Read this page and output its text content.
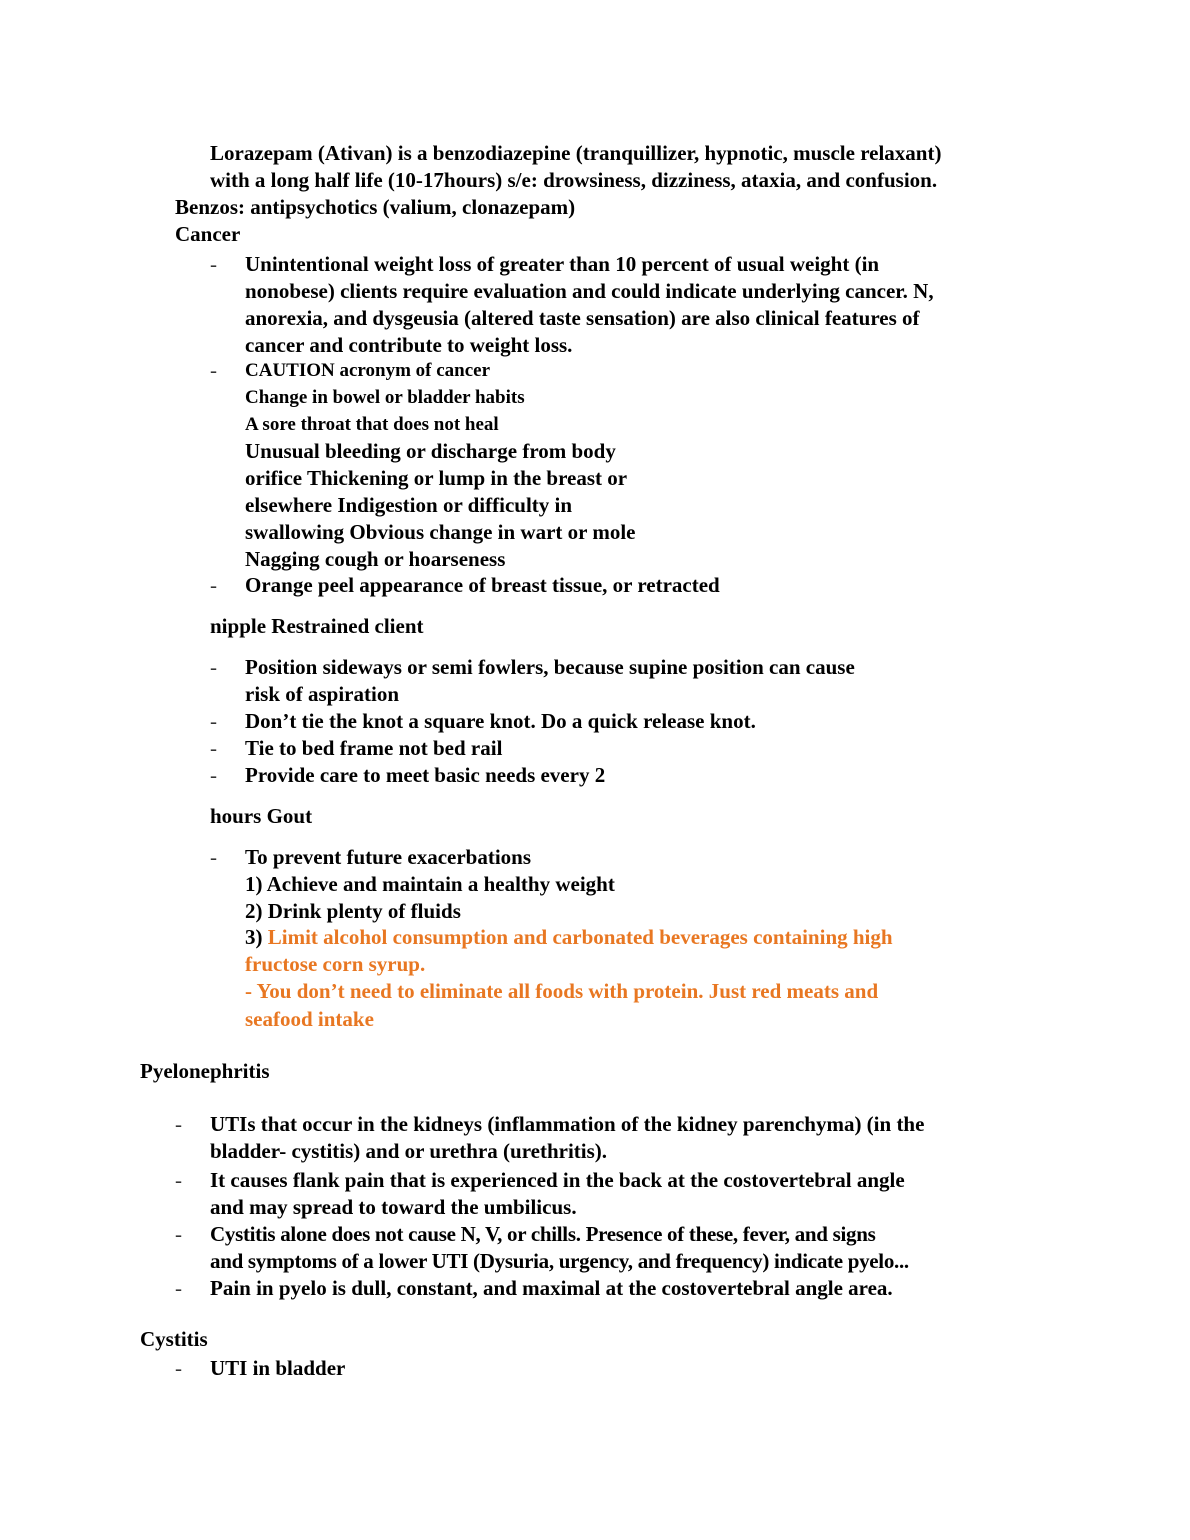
Lorazepam (Ativan) is a benzodiazepine (tranquillizer, hypnotic, muscle relaxant)
with a long half life (10-17hours) s/e: drowsiness, dizziness, ataxia, and confusion.
Benzos: antipsychotics (valium, clonazepam)
Cancer
- Unintentional weight loss of greater than 10 percent of usual weight (in
nonobese) clients require evaluation and could indicate underlying cancer. N,
anorexia, and dysgeusia (altered taste sensation) are also clinical features of
cancer and contribute to weight loss.
- CAUTION acronym of cancer
Change in bowel or bladder habits
A sore throat that does not heal
Unusual bleeding or discharge from body
orifice Thickening or lump in the breast or
elsewhere Indigestion or difficulty in
swallowing Obvious change in wart or mole
Nagging cough or hoarseness
- Orange peel appearance of breast tissue, or retracted
nipple Restrained client
- Position sideways or semi fowlers, because supine position can cause
risk of aspiration
- Don’t tie the knot a square knot. Do a quick release knot.
- Tie to bed frame not bed rail
- Provide care to meet basic needs every 2
hours Gout
- To prevent future exacerbations
1) Achieve and maintain a healthy weight
2) Drink plenty of fluids
3) Limit alcohol consumption and carbonated beverages containing high
fructose corn syrup.
- You don’t need to eliminate all foods with protein. Just red meats and
seafood intake
Pyelonephritis
- UTIs that occur in the kidneys (inflammation of the kidney parenchyma) (in the
bladder- cystitis) and or urethra (urethritis).
- It causes flank pain that is experienced in the back at the costovertebral angle
and may spread to toward the umbilicus.
- Cystitis alone does not cause N, V, or chills. Presence of these, fever, and signs
and symptoms of a lower UTI (Dysuria, urgency, and frequency) indicate pyelo...
- Pain in pyelo is dull, constant, and maximal at the costovertebral angle area.
Cystitis
- UTI in bladder
